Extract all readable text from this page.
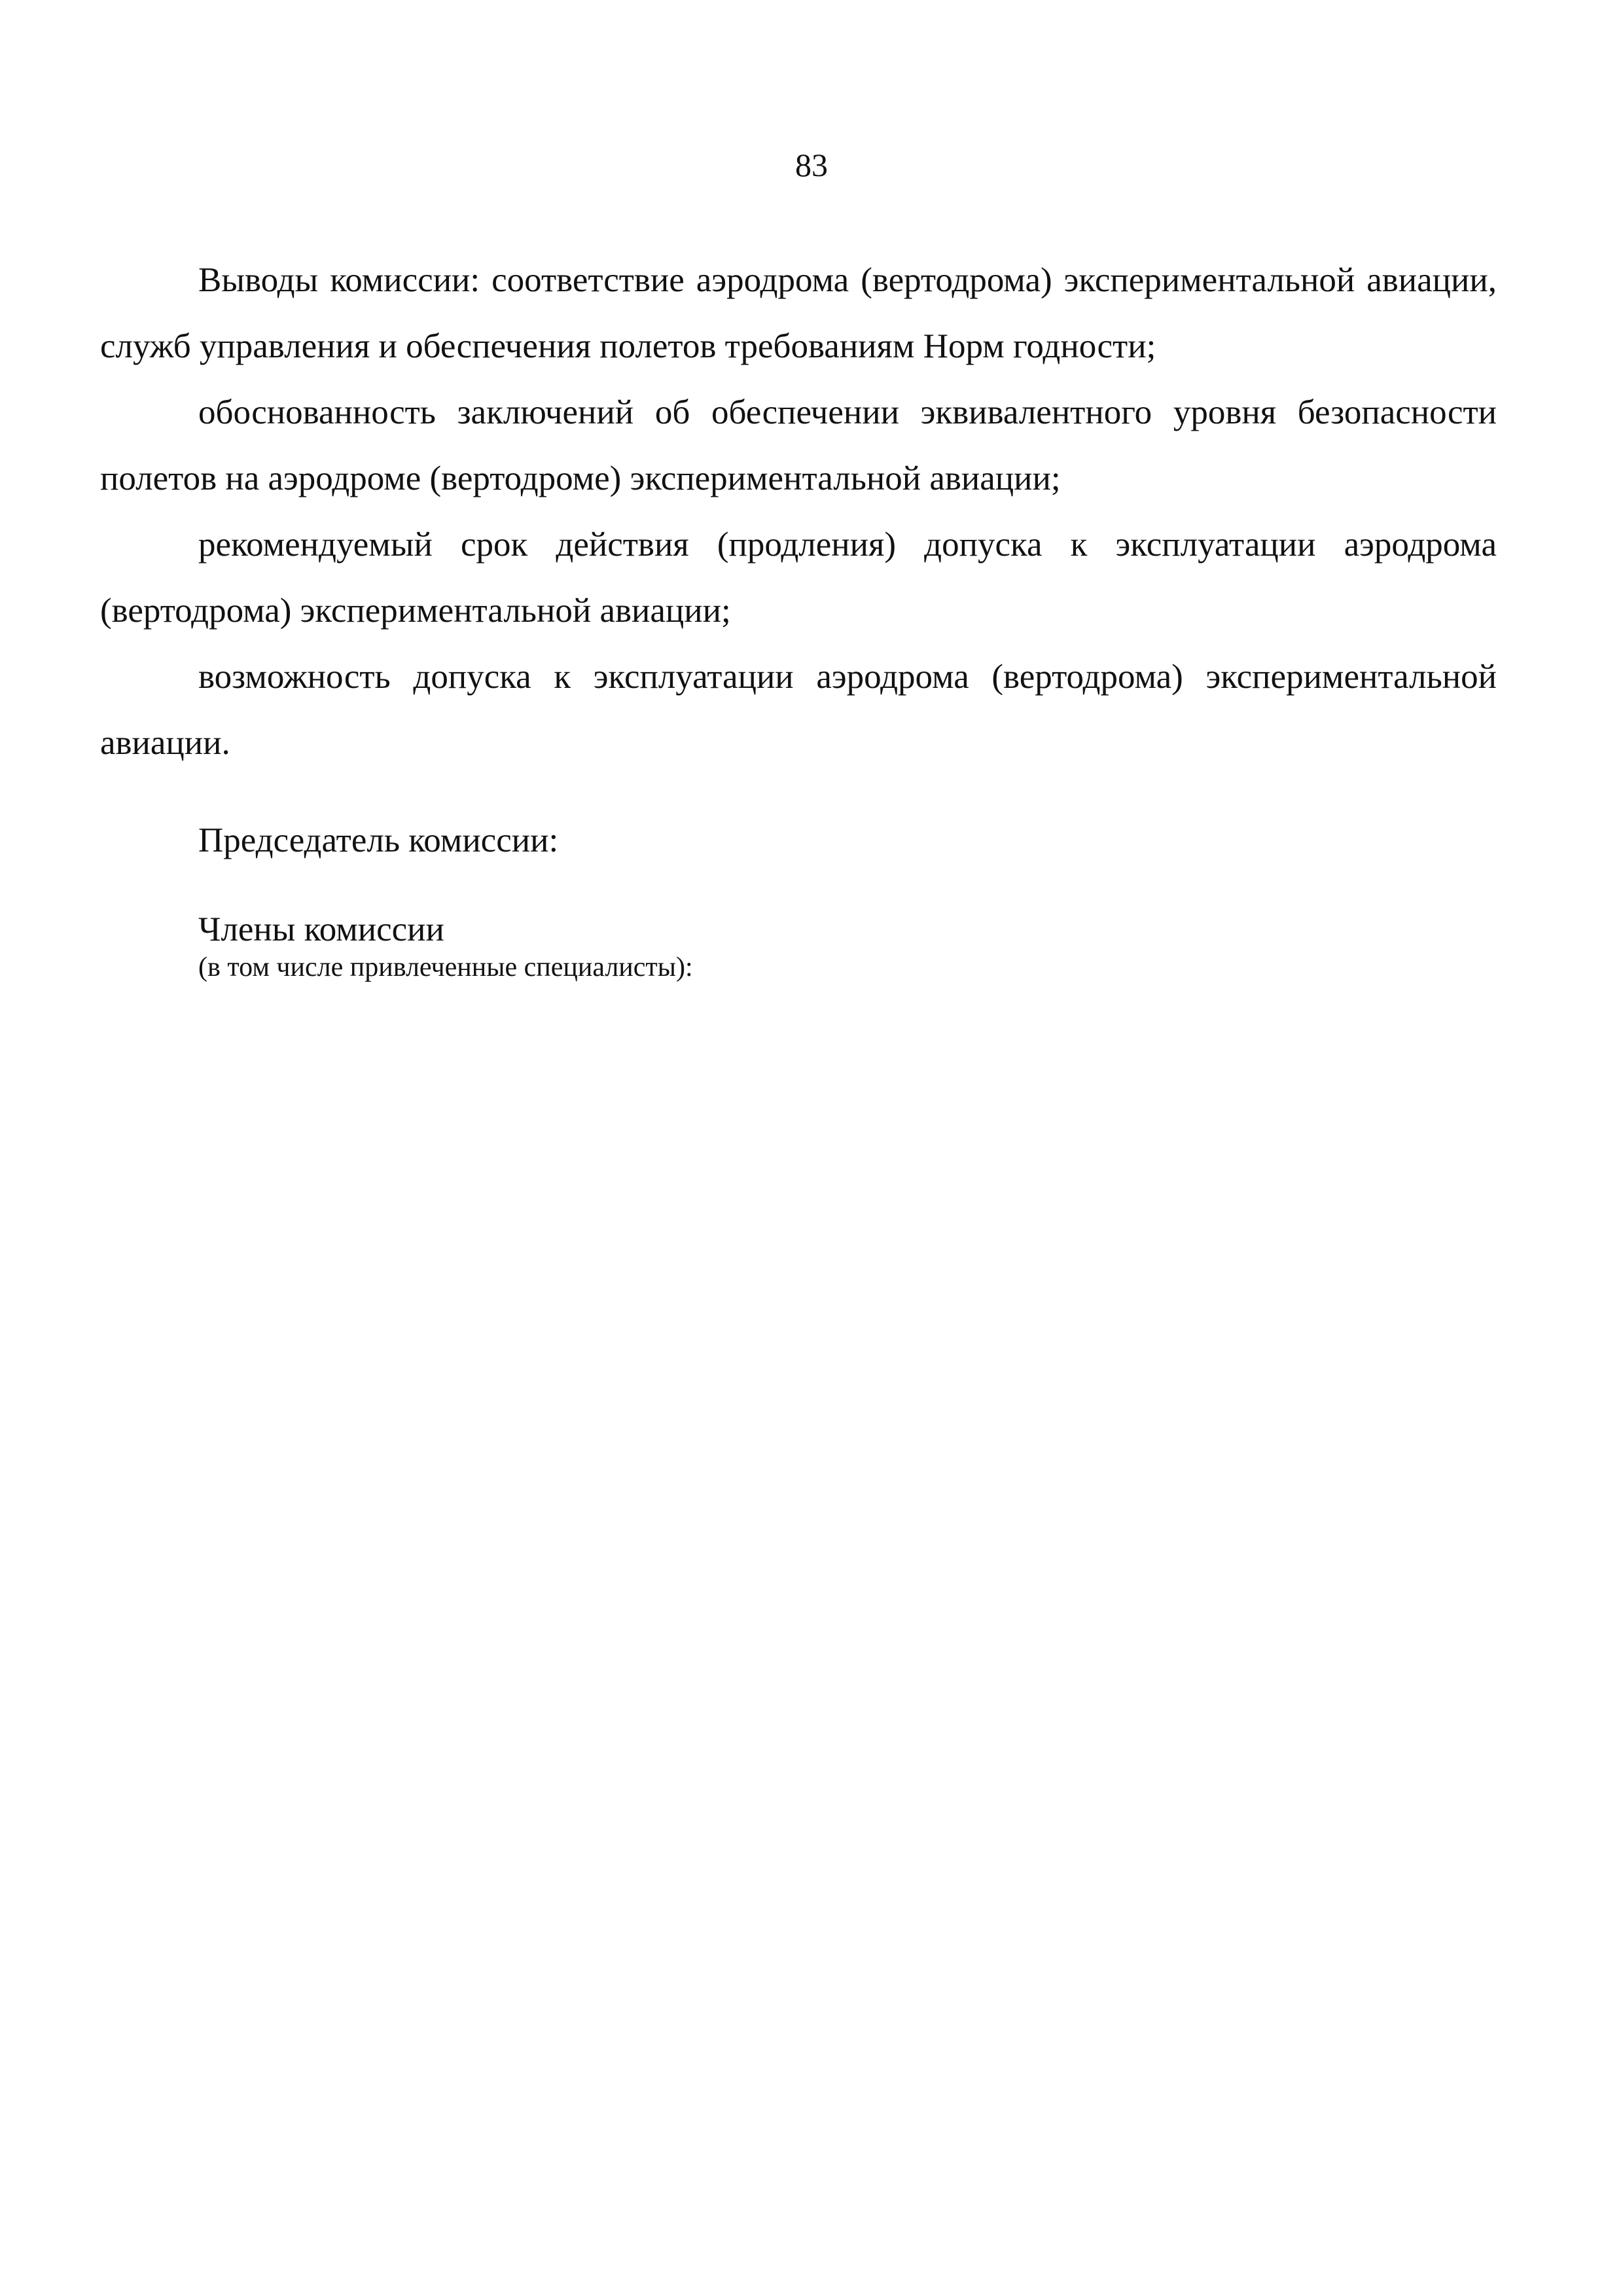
83

Выводы комиссии: соответствие аэродрома (вертодрома) экспериментальной авиации, служб управления и обеспечения полетов требованиям Норм годности;

обоснованность заключений об обеспечении эквивалентного уровня безопасности полетов на аэродроме (вертодроме) экспериментальной авиации;

рекомендуемый срок действия (продления) допуска к эксплуатации аэродрома (вертодрома) экспериментальной авиации;

возможность допуска к эксплуатации аэродрома (вертодрома) экспериментальной авиации.

Председатель комиссии:

Члены комиссии

(в том числе привлеченные специалисты):
